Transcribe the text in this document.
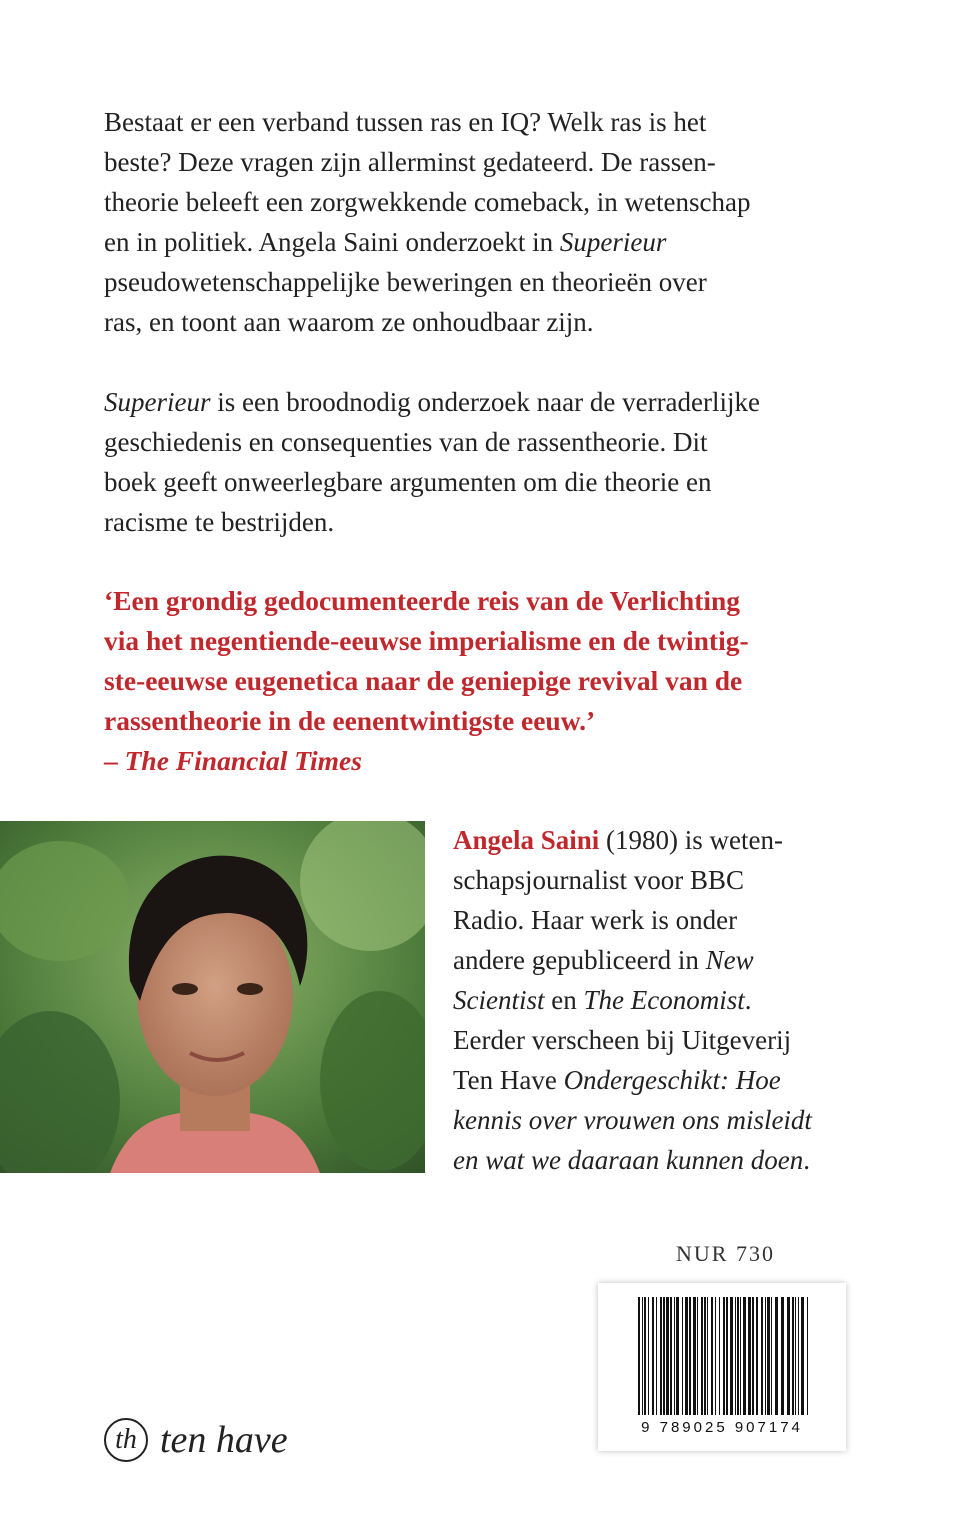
Bestaat er een verband tussen ras en IQ? Welk ras is het
beste? Deze vragen zijn allerminst gedateerd. De rassen-
theorie beleeft een zorgwekkende comeback, in wetenschap
en in politiek. Angela Saini onderzoekt in Superieur
pseudowetenschappelijke beweringen en theorieën over
ras, en toont aan waarom ze onhoudbaar zijn.
Superieur is een broodnodig onderzoek naar de verraderlijke
geschiedenis en consequenties van de rassentheorie. Dit
boek geeft onweerlegbare argumenten om die theorie en
racisme te bestrijden.
‘Een grondig gedocumenteerde reis van de Verlichting
via het negentiende-eeuwse imperialisme en de twintig-
ste-eeuwse eugenetica naar de geniepige revival van de
rassentheorie in de eenentwintigste eeuw.’
– The Financial Times
Angela Saini (1980) is weten-
schapsjournalist voor BBC
Radio. Haar werk is onder
andere gepubliceerd in New
Scientist en The Economist.
Eerder verscheen bij Uitgeverij
Ten Have Ondergeschikt: Hoe
kennis over vrouwen ons misleidt
en wat we daaraan kunnen doen.
NUR 730
9 789025 907174
th ten have
